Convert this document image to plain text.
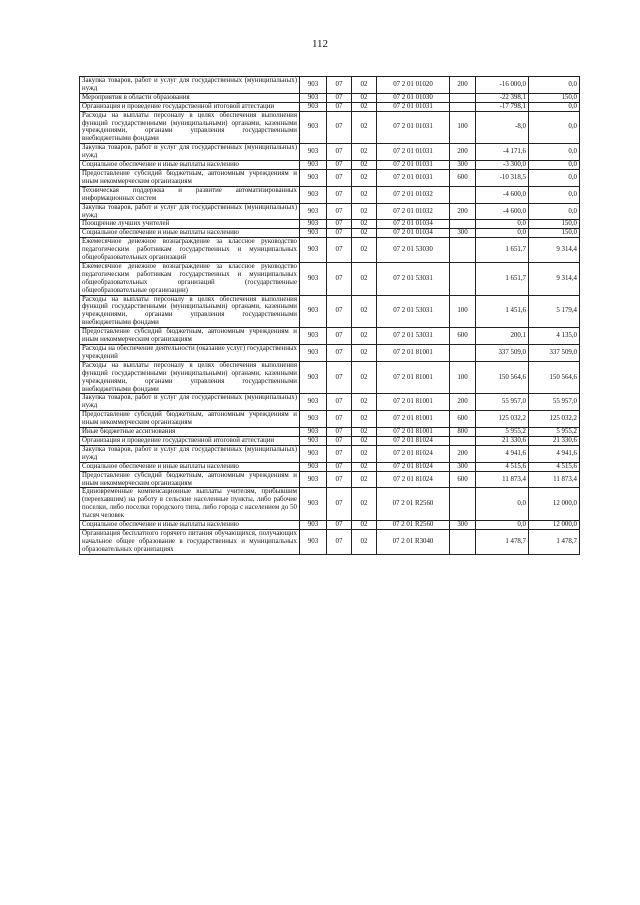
112
Закупка товаров, работ и услуг для государственных (муниципальных) нужд	903	07	02	07 2 01 01020	200	-16 000,0	0,0
Мероприятия в области образования	903	07	02	07 2 01 01030		-22 398,1	150,0
Организация и проведение государственной итоговой аттестации	903	07	02	07 2 01 01031		-17 798,1	0,0
Расходы на выплаты персоналу в целях обеспечения выполнения функций государственными (муниципальными) органами, казенными учреждениями, органами управления государственными внебюджетными фондами	903	07	02	07 2 01 01031	100	-8,0	0,0
Закупка товаров, работ и услуг для государственных (муниципальных) нужд	903	07	02	07 2 01 01031	200	-4 171,6	0,0
Социальное обеспечение и иные выплаты населению	903	07	02	07 2 01 01031	300	-3 300,0	0,0
Предоставление субсидий бюджетным, автономным учреждениям и иным некоммерческим организациям	903	07	02	07 2 01 01031	600	-10 318,5	0,0
Техническая поддержка и развитие автоматизированных информационных систем	903	07	02	07 2 01 01032		-4 600,0	0,0
Закупка товаров, работ и услуг для государственных (муниципальных) нужд	903	07	02	07 2 01 01032	200	-4 600,0	0,0
Поощрение лучших учителей	903	07	02	07 2 01 01034		0,0	150,0
Социальное обеспечение и иные выплаты населению	903	07	02	07 2 01 01034	300	0,0	150,0
Ежемесячное денежное вознаграждение за классное руководство педагогическим работникам государственных и муниципальных общеобразовательных организаций	903	07	02	07 2 01 53030		1 651,7	9 314,4
Ежемесячное денежное вознаграждение за классное руководство педагогическим работникам государственных и муниципальных общеобразовательных организаций (государственные общеобразовательные организации)	903	07	02	07 2 01 53031		1 651,7	9 314,4
Расходы на выплаты персоналу в целях обеспечения выполнения функций государственными (муниципальными) органами, казенными учреждениями, органами управления государственными внебюджетными фондами	903	07	02	07 2 01 53031	100	1 451,6	5 179,4
Предоставление субсидий бюджетным, автономным учреждениям и иным некоммерческим организациям	903	07	02	07 2 01 53031	600	200,1	4 135,0
Расходы на обеспечение деятельности (оказание услуг) государственных учреждений	903	07	02	07 2 01 81001		337 509,0	337 509,0
Расходы на выплаты персоналу в целях обеспечения выполнения функций государственными (муниципальными) органами, казенными учреждениями, органами управления государственными внебюджетными фондами	903	07	02	07 2 01 81001	100	150 564,6	150 564,6
Закупка товаров, работ и услуг для государственных (муниципальных) нужд	903	07	02	07 2 01 81001	200	55 957,0	55 957,0
Предоставление субсидий бюджетным, автономным учреждениям и иным некоммерческим организациям	903	07	02	07 2 01 81001	600	125 032,2	125 032,2
Иные бюджетные ассигнования	903	07	02	07 2 01 81001	800	5 955,2	5 955,2
Организация и проведение государственной итоговой аттестации	903	07	02	07 2 01 81024		21 330,6	21 330,6
Закупка товаров, работ и услуг для государственных (муниципальных) нужд	903	07	02	07 2 01 81024	200	4 941,6	4 941,6
Социальное обеспечение и иные выплаты населению	903	07	02	07 2 01 81024	300	4 515,6	4 515,6
Предоставление субсидий бюджетным, автономным учреждениям и иным некоммерческим организациям	903	07	02	07 2 01 81024	600	11 873,4	11 873,4
Единовременные компенсационные выплаты учителям, прибывшим (переехавшим) на работу в сельские населенные пункты, либо рабочие поселки, либо поселки городского типа, либо города с населением до 50 тысяч человек	903	07	02	07 2 01 R2560		0,0	12 000,0
Социальное обеспечение и иные выплаты населению	903	07	02	07 2 01 R2560	300	0,0	12 000,0
Организация бесплатного горячего питания обучающихся, получающих начальное общее образование в государственных и муниципальных образовательных организациях	903	07	02	07 2 01 R3040		1 478,7	1 478,7
